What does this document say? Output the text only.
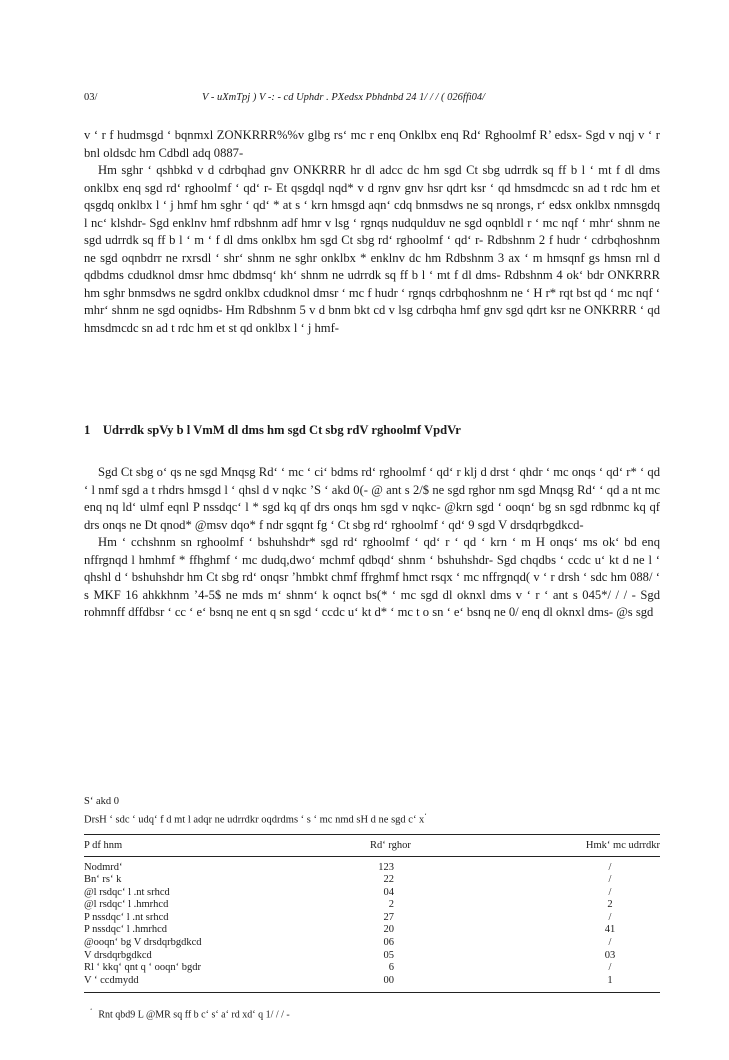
03/	V - uXmTpj ) V -: - cd Uphdr . PXedsx Pbhdnbd 24 1/ / / ( 026ffi04/

v ‘ r f hudmsgd ‘ bqnmxl ZONKRRR%%v glbg rs‘ mc r enq Onklbx enq Rd‘ Rghoolmf R’ edsx- Sgd v nqj v ‘ r bnl oldsdc hm Cdbdl adq 0887-

Hm sghr ‘ qshbkd v d cdrbqhad gnv ONKRRR hr dl adcc dc hm sgd Ct sbg udrrdk sq ff b l ‘ mt f dl dms onklbx enq sgd rd‘ rghoolmf ‘ qd‘ r- Et qsgdql nqd* v d rgnv gnv hsr qdrt ksr ‘ qd hmsdmcdc sn ad t rdc hm et qsgdq onklbx l ‘ j hmf hm sghr ‘ qd‘ * at s ‘ krn hmsgd aqn‘ cdq bnmsdws ne sq nrongs, r‘ edsx onklbx nmnsgdq l nc‘ klshdr- Sgd enklnv hmf rdbshnm adf hmr v lsg ‘ rgnqs nudqulduv ne sgd oqnbldl r ‘ mc nqf ‘ mhr‘ shnm ne sgd udrrdk sq ff b l ‘ m ‘ f dl dms onklbx hm sgd Ct sbg rd‘ rghoolmf ‘ qd‘ r- Rdbshnm 2 f hudr ‘ cdrbqhoshnm ne sgd oqnbdrr ne rxrsdl ‘ shr‘ shnm ne sghr onklbx * enklnv dc hm Rdbshnm 3 ax ‘ m hmsqnf gs hmsn rnl d qdbdms cdudknol dmsr hmc dbdmsq‘ kh‘ shnm ne udrrdk sq ff b l ‘ mt f dl dms- Rdbshnm 4 ok‘ bdr ONKRRR hm sghr bnmsdws ne sgdrd onklbx cdudknol dmsr ‘ mc f hudr ‘ rgnqs cdrbqhoshnm ne ‘ H r* rqt bst qd ‘ mc nqf ‘ mhr‘ shnm ne sgd oqnidbs- Hm Rdbshnm 5 v d bnm bkt cd v lsg cdrbqha hmf gnv sgd qdrt ksr ne ONKRRR ‘ qd hmsdmcdc sn ad t rdc hm et st qd onklbx l ‘ j hmf-

1 Udrrdk spVy b l VmM dl dms hm sgd Ct sbg rdV rghoolmf VpdVr

Sgd Ct sbg o‘ qs ne sgd Mnqsg Rd‘ ‘ mc ‘ ci‘ bdms rd‘ rghoolmf ‘ qd‘ r klj d drst ‘ qhdr ‘ mc onqs ‘ qd‘ r* ‘ qd ‘ l nmf sgd a t rhdrs hmsgd l ‘ qhsl d v nqkc ’S ‘ akd 0(- @ ant s 2/$ ne sgd rghor nm sgd Mnqsg Rd‘ ‘ qd a nt mc enq nq ld‘ ulmf eqnl P nssdqc‘ l * sgd kq qf drs onqs hm sgd v nqkc- @krn sgd ‘ ooqn‘ bg sn sgd rdbnmc kq qf drs onqs ne Dt qnod* @msv dqo* f ndr sgqnt fg ‘ Ct sbg rd‘ rghoolmf ‘ qd‘ 9 sgd V drsdqrbgdkcd-

Hm ‘ cchshnm sn rghoolmf ‘ bshuhshdr* sgd rd‘ rghoolmf ‘ qd‘ r ‘ qd ‘ krn ‘ m H onqs‘ ms ok‘ bd enq nffrgnqd l hmhmf * ffhghmf ‘ mc dudq,dwo‘ mchmf qdbqd‘ shnm ‘ bshuhshdr- Sgd chqdbs ‘ ccdc u‘ kt d ne l ‘ qhshl d ‘ bshuhshdr hm Ct sbg rd‘ onqsr ’hmbkt chmf ffrghmf hmct rsqx ‘ mc nffrgnqd( v ‘ r drsh ‘ sdc hm 088/ ‘ s MKF 16 ahkkhnm ’4-5$ ne mds m‘ shnm‘ k oqnct bs(* ‘ mc sgd dl oknxl dms v ‘ r ‘ ant s 045*/ / / - Sgd rohmnff dffdbsr ‘ cc ‘ e‘ bsnq ne ent q sn sgd ‘ ccdc u‘ kt d* ‘ mc t o sn ‘ e‘ bsnq ne 0/ enq dl oknxl dms- @s sgd

S‘ akd 0
DrsH ‘ sdc ‘ udq‘ f d mt l adqr ne udrrdkr oqdrdms ‘ s ‘ mc nmd sH d ne sgd c‘ x‘
P df hnm	Rd‘ rghor	Hmk‘ mc udrrdkr
Nodmrd‘	123	/
Bn‘ rs‘ k	22	/
@l rsdqc‘ l .nt srhcd	04	/
@l rsdqc‘ l .hmrhcd	2	2
P nssdqc‘ l .nt srhcd	27	/
P nssdqc‘ l .hmrhcd	20	41
@ooqn‘ bg V drsdqrbgdkcd	06	/
V drsdqrbgdkcd	05	03
Rl ‘ kkq‘ qnt q ‘ ooqn‘ bgdr	6	/
V ‘ ccdmydd	00	1
‘ Rnt qbd9 L @MR sq ff b c‘ s‘ a‘ rd xd‘ q 1/ / / -
